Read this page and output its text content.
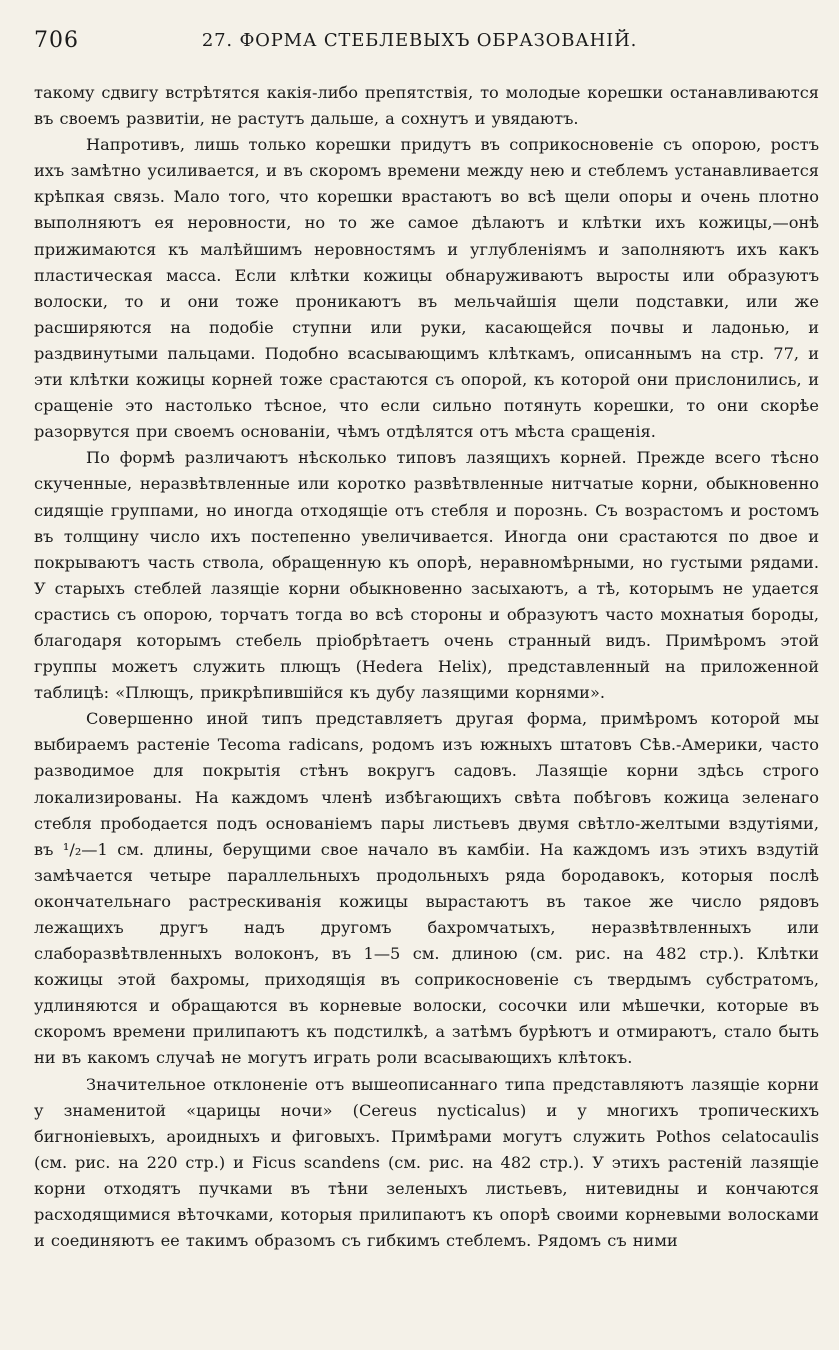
706	27. ФОРМА СТЕБЛЕВЫХЪ ОБРАЗОВАНІЙ.

такому сдвигу встрѣтятся какія-либо препятствія, то молодые корешки останавливаются въ своемъ развитіи, не растутъ дальше, а сохнутъ и увядаютъ.

Напротивъ, лишь только корешки придутъ въ соприкосновеніе съ опорою, ростъ ихъ замѣтно усиливается, и въ скоромъ времени между нею и стеблемъ устанавливается крѣпкая связь. Мало того, что корешки врастаютъ во всѣ щели опоры и очень плотно выполняютъ ея неровности, но то же самое дѣлаютъ и клѣтки ихъ кожицы,—онѣ прижимаются къ малѣйшимъ неровностямъ и углубленіямъ и заполняютъ ихъ какъ пластическая масса. Если клѣтки кожицы обнаруживаютъ выросты или образуютъ волоски, то и они тоже проникаютъ въ мельчайшія щели подставки, или же расширяются на подобіе ступни или руки, касающейся почвы и ладонью, и раздвинутыми пальцами. Подобно всасывающимъ клѣткамъ, описаннымъ на стр. 77, и эти клѣтки кожицы корней тоже срастаются съ опорой, къ которой они прислонились, и сращеніе это настолько тѣсное, что если сильно потянуть корешки, то они скорѣе разорвутся при своемъ основаніи, чѣмъ отдѣлятся отъ мѣста сращенія.

По формѣ различаютъ нѣсколько типовъ лазящихъ корней. Прежде всего тѣсно скученные, неразвѣтвленные или коротко развѣтвленные нитчатые корни, обыкновенно сидящіе группами, но иногда отходящіе отъ стебля и порознь. Съ возрастомъ и ростомъ въ толщину число ихъ постепенно увеличивается. Иногда они срастаются по двое и покрываютъ часть ствола, обращенную къ опорѣ, неравномѣрными, но густыми рядами. У старыхъ стеблей лазящіе корни обыкновенно засыхаютъ, а тѣ, которымъ не удается срастись съ опорою, торчатъ тогда во всѣ стороны и образуютъ часто мохнатыя бороды, благодаря которымъ стебель пріобрѣтаетъ очень странный видъ. Примѣромъ этой группы можетъ служить плющъ (Hedera Helix), представленный на приложенной таблицѣ: «Плющъ, прикрѣпившійся къ дубу лазящими корнями».

Совершенно иной типъ представляетъ другая форма, примѣромъ которой мы выбираемъ растеніе Tecoma radicans, родомъ изъ южныхъ штатовъ Сѣв.-Америки, часто разводимое для покрытія стѣнъ вокругъ садовъ. Лазящіе корни здѣсь строго локализированы. На каждомъ членѣ избѣгающихъ свѣта побѣговъ кожица зеленаго стебля прободается подъ основаніемъ пары листьевъ двумя свѣтло-желтыми вздутіями, въ ¹/₂—1 см. длины, берущими свое начало въ камбіи. На каждомъ изъ этихъ вздутій замѣчается четыре параллельныхъ продольныхъ ряда бородавокъ, которыя послѣ окончательнаго растрескиванія кожицы вырастаютъ въ такое же число рядовъ лежащихъ другъ надъ другомъ бахромчатыхъ, неразвѣтвленныхъ или слаборазвѣтвленныхъ волоконъ, въ 1—5 см. длиною (см. рис. на 482 стр.). Клѣтки кожицы этой бахромы, приходящія въ соприкосновеніе съ твердымъ субстратомъ, удлиняются и обращаются въ корневые волоски, сосочки или мѣшечки, которые въ скоромъ времени прилипаютъ къ подстилкѣ, а затѣмъ бурѣютъ и отмираютъ, стало быть ни въ какомъ случаѣ не могутъ играть роли всасывающихъ клѣтокъ.

Значительное отклоненіе отъ вышеописаннаго типа представляютъ лазящіе корни у знаменитой «царицы ночи» (Cereus nycticalus) и у многихъ тропическихъ бигноніевыхъ, ароидныхъ и фиговыхъ. Примѣрами могутъ служить Pothos celatocaulis (см. рис. на 220 стр.) и Ficus scandens (см. рис. на 482 стр.). У этихъ растеній лазящіе корни отходятъ пучками въ тѣни зеленыхъ листьевъ, нитевидны и кончаются расходящимися вѣточками, которыя прилипаютъ къ опорѣ своими корневыми волосками и соединяютъ ее такимъ образомъ съ гибкимъ стеблемъ. Рядомъ съ ними
